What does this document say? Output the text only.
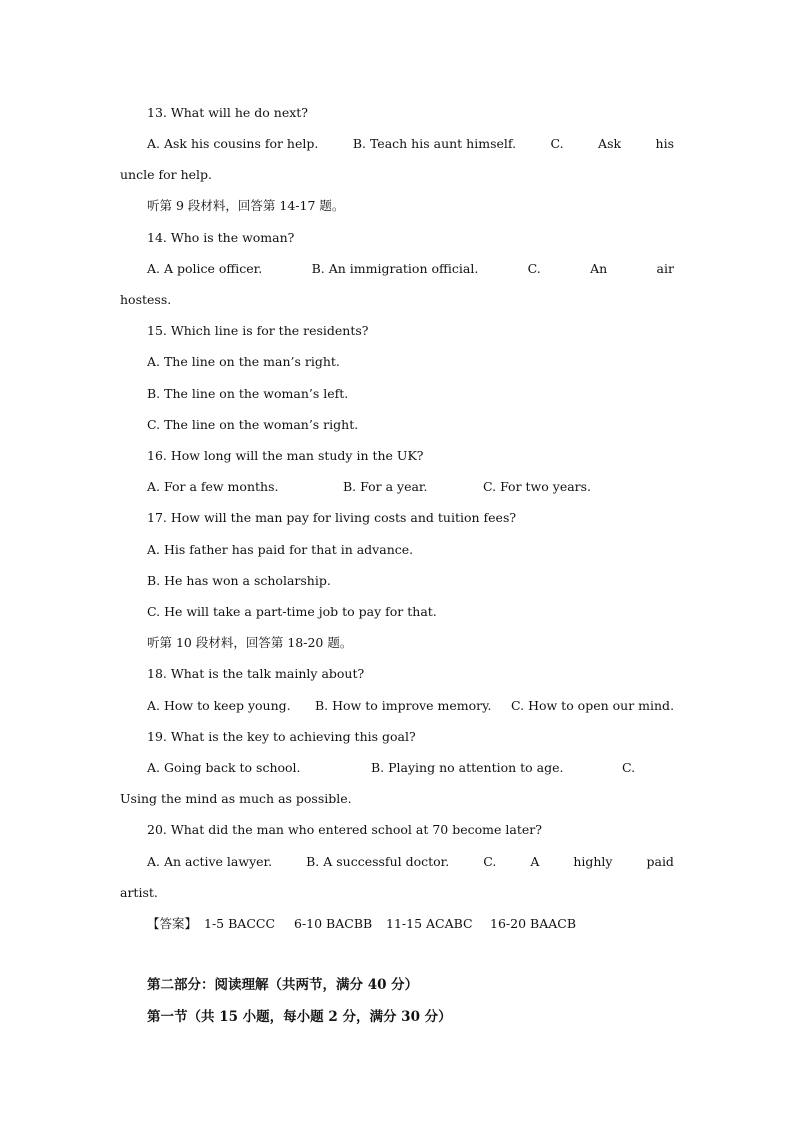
13. What will he do next?
A. Ask his cousins for help.	B. Teach his aunt himself.	C.	Ask	his
uncle for help.
听第 9 段材料，回答第 14-17 题。
14. Who is the woman?
A. A police officer.	B. An immigration official.	C.	An	air
hostess.
15. Which line is for the residents?
A. The line on the man’s right.
B. The line on the woman’s left.
C. The line on the woman’s right.
16. How long will the man study in the UK?
A. For a few months.	B. For a year.	C. For two years.
17. How will the man pay for living costs and tuition fees?
A. His father has paid for that in advance.
B. He has won a scholarship.
C. He will take a part-time job to pay for that.
听第 10 段材料，回答第 18-20 题。
18. What is the talk mainly about?
A. How to keep young. B. How to improve memory. C. How to open our mind.
19. What is the key to achieving this goal?
A. Going back to school.	B. Playing no attention to age.	C.
Using the mind as much as possible.
20. What did the man who entered school at 70 become later?
A. An active lawyer.	B. A successful doctor.	C.	A	highly	paid
artist.
【答案】 1-5 BACCC 6-10 BACBB 11-15 ACABC 16-20 BAACB
第二部分：阅读理解（共两节，满分 40 分）
第一节（共 15 小题，每小题 2 分，满分 30 分）
